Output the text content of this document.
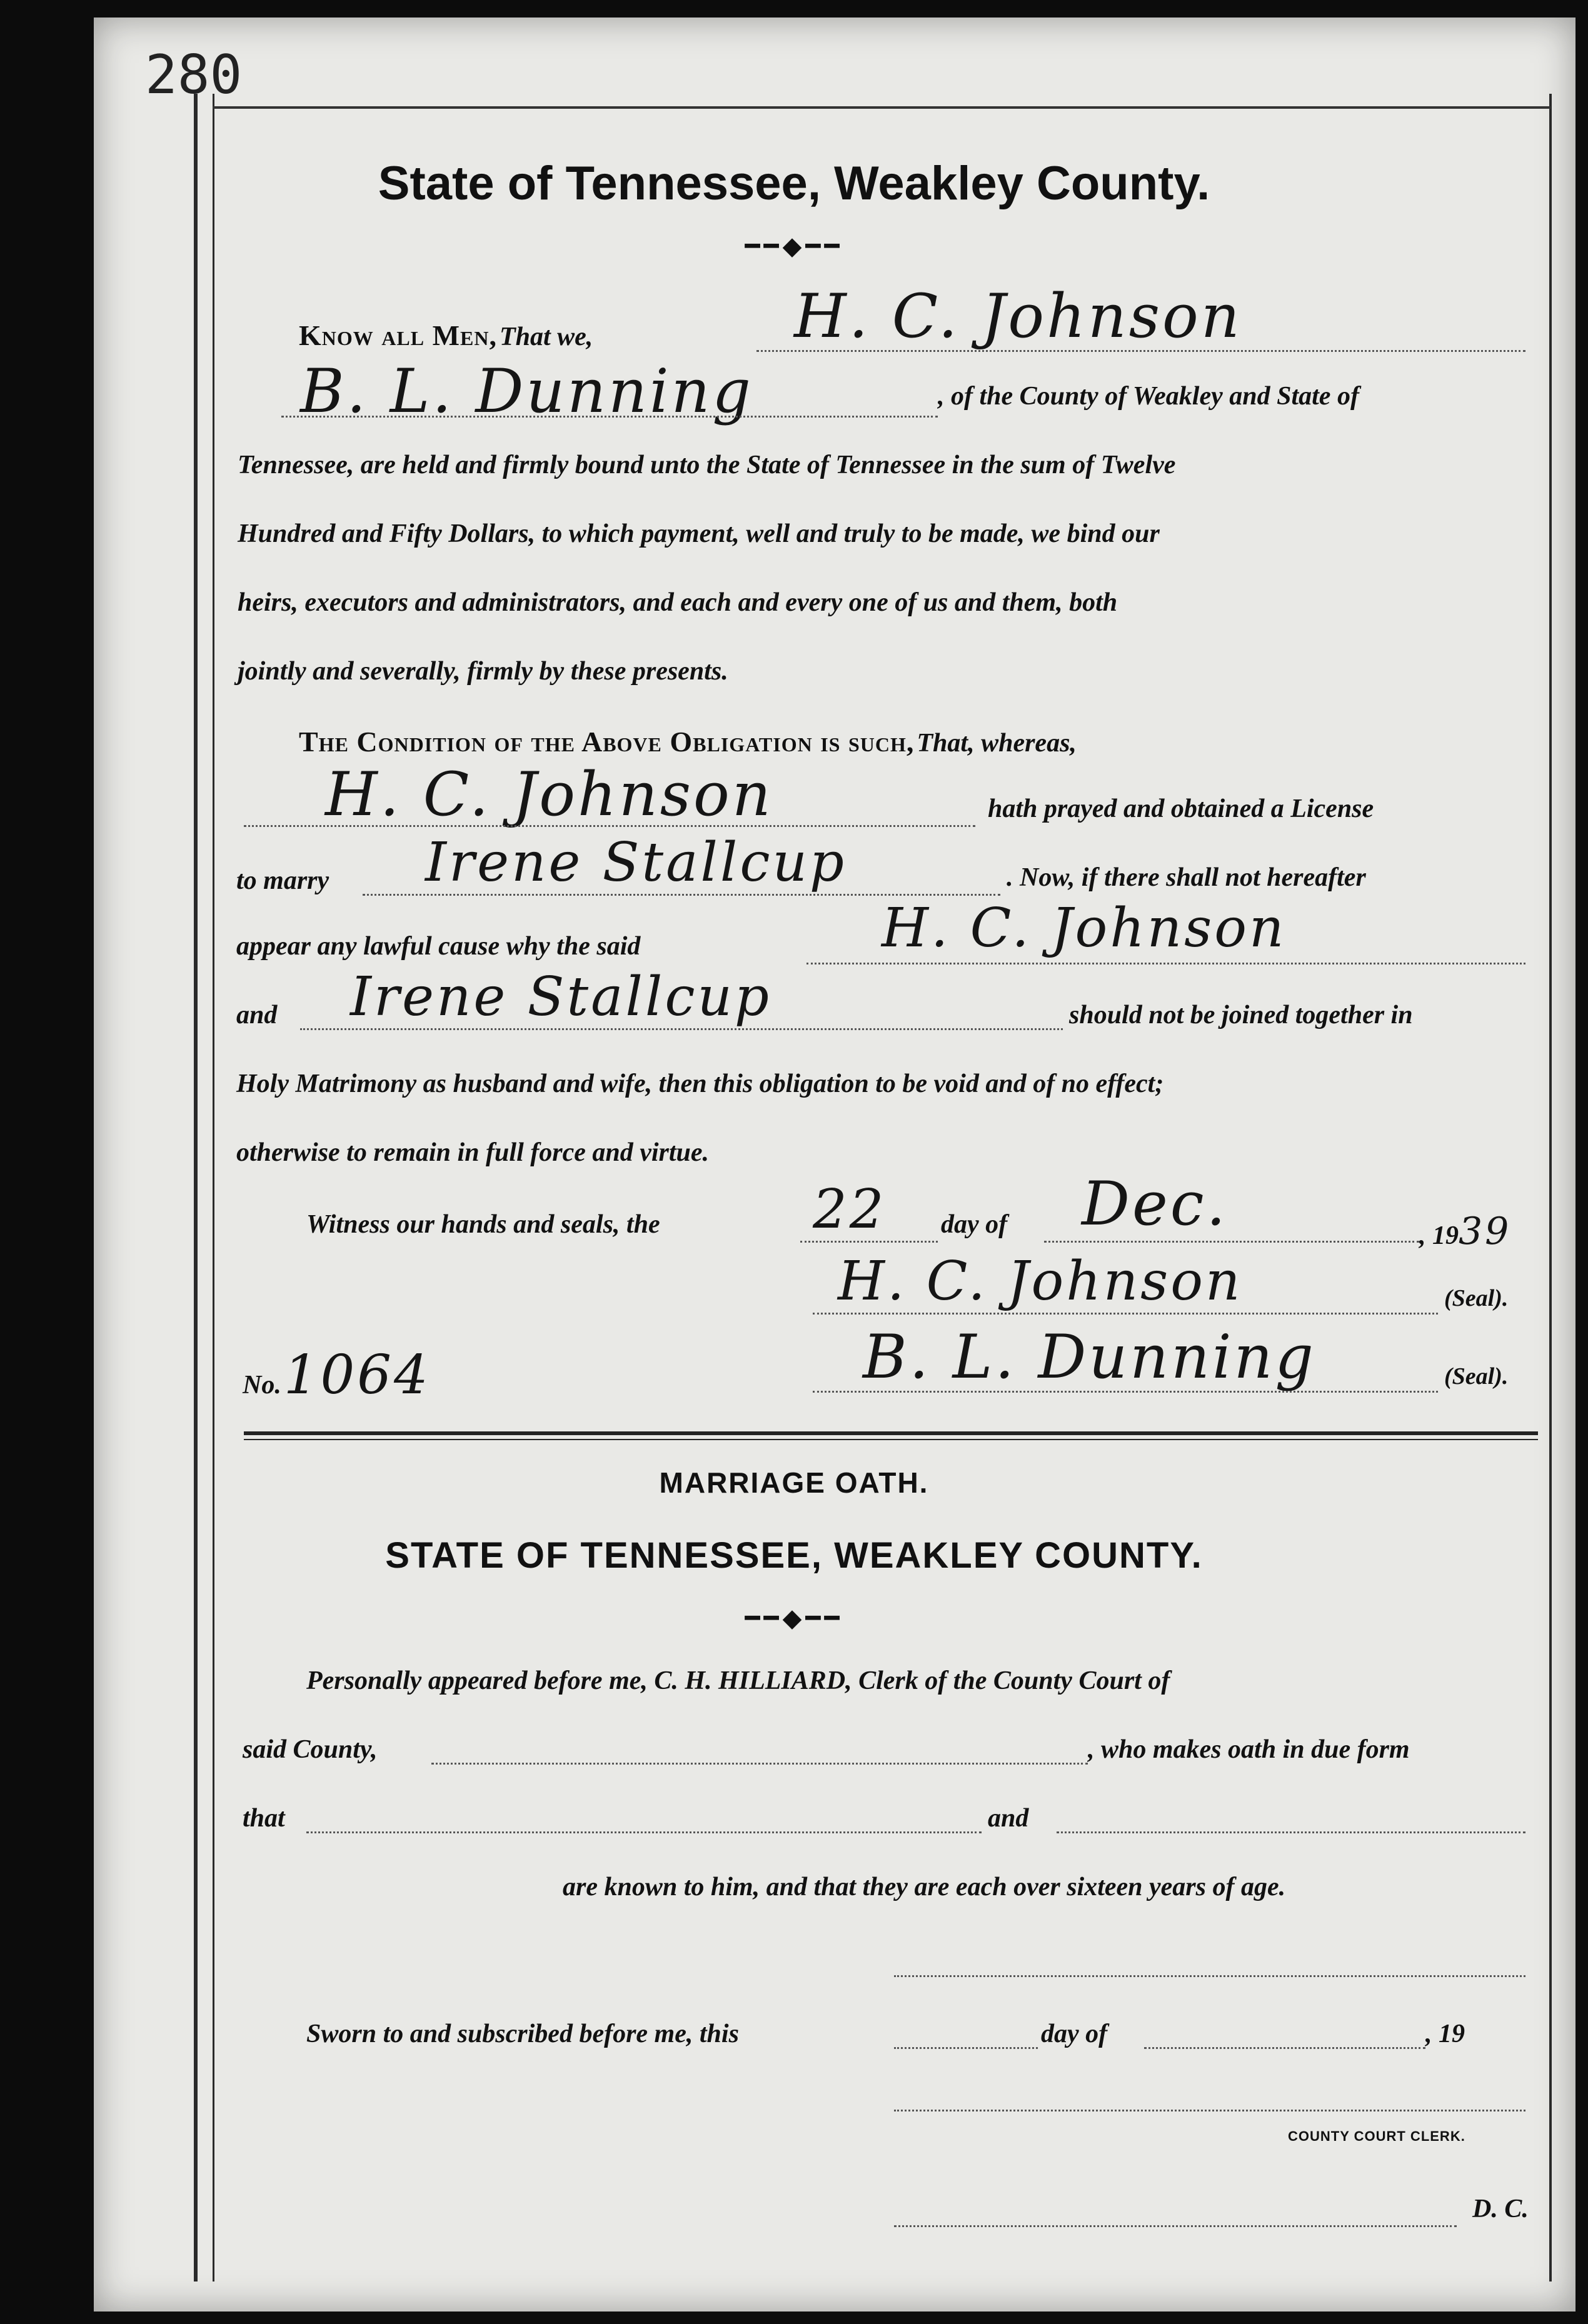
280
State of Tennessee, Weakley County.
━━◆━━
Know all Men, That we,	H. C. Johnson
B. L. Dunning	, of the County of Weakley and State of
Tennessee, are held and firmly bound unto the State of Tennessee in the sum of Twelve
Hundred and Fifty Dollars, to which payment, well and truly to be made, we bind our
heirs, executors and administrators, and each and every one of us and them, both
jointly and severally, firmly by these presents.
The Condition of the Above Obligation is such, That, whereas,
H. C. Johnson	hath prayed and obtained a License
to marry Irene Stallcup	. Now, if there shall not hereafter
appear any lawful cause why the said	H. C. Johnson
and Irene Stallcup	should not be joined together in
Holy Matrimony as husband and wife, then this obligation to be void and of no effect;
otherwise to remain in full force and virtue.
Witness our hands and seals, the	22 day of Dec.	, 1939
H. C. Johnson	(Seal).
No. 1064	B. L. Dunning	(Seal).
MARRIAGE OATH.
STATE OF TENNESSEE, WEAKLEY COUNTY.
━━◆━━
Personally appeared before me, C. H. HILLIARD, Clerk of the County Court of
said County,	, who makes oath in due form
that	and
are known to him, and that they are each over sixteen years of age.
Sworn to and subscribed before me, this	day of	, 19
COUNTY COURT CLERK.
D. C.
